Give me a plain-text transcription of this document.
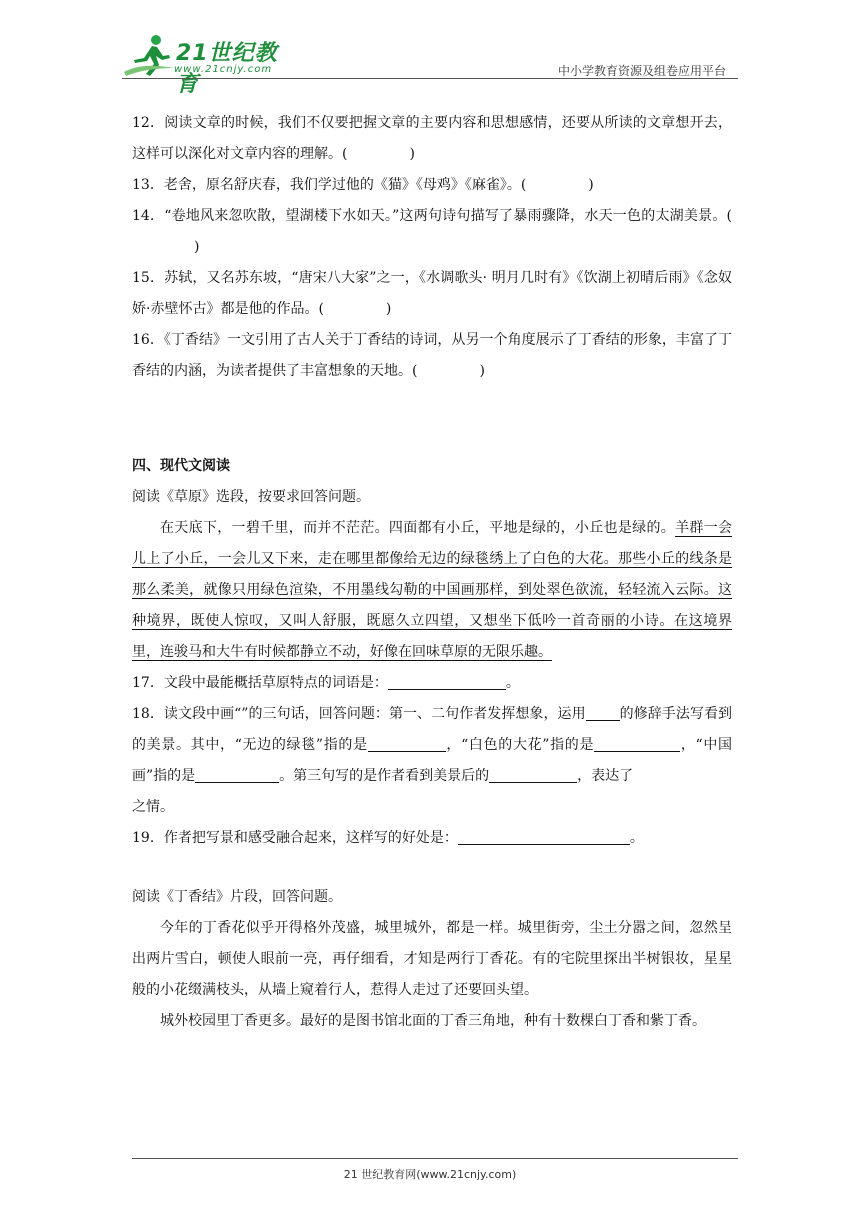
21世纪教育
www.21cnjy.com	中小学教育资源及组卷应用平台

12．阅读文章的时候，我们不仅要把握文章的主要内容和思想感情，还要从所读的文章想开去，这样可以深化对文章内容的理解。(	)

13．老舍，原名舒庆春，我们学过他的《猫》《母鸡》《麻雀》。(	)

14．“卷地风来忽吹散，望湖楼下水如天。”这两句诗句描写了暴雨骤降，水天一色的太湖美景。()

15．苏轼，又名苏东坡，“唐宋八大家”之一，《水调歌头· 明月几时有》《饮湖上初晴后雨》《念奴娇·赤壁怀古》都是他的作品。(	)

16．《丁香结》一文引用了古人关于丁香结的诗词，从另一个角度展示了丁香结的形象，丰富了丁香结的内涵，为读者提供了丰富想象的天地。(	)

四、现代文阅读

阅读《草原》选段，按要求回答问题。

在天底下，一碧千里，而并不茫茫。四面都有小丘，平地是绿的，小丘也是绿的。羊群一会儿上了小丘，一会儿又下来，走在哪里都像给无边的绿毯绣上了白色的大花。那些小丘的线条是那么柔美，就像只用绿色渲染，不用墨线勾勒的中国画那样，到处翠色欲流，轻轻流入云际。这种境界，既使人惊叹，又叫人舒服，既愿久立四望，又想坐下低吟一首奇丽的小诗。在这境界里，连骏马和大牛有时候都静立不动，好像在回味草原的无限乐趣。

17．文段中最能概括草原特点的词语是：	。

18．读文段中画“”的三句话，回答问题：第一、二句作者发挥想象，运用 的修辞手法写看到的美景。其中，“无边的绿毯”指的是	，“白色的大花”指的是	，“中国画”指的是	。第三句写的是作者看到美景后的	，表达了
之情。

19．作者把写景和感受融合起来，这样写的好处是：	。

阅读《丁香结》片段，回答问题。

今年的丁香花似乎开得格外茂盛，城里城外，都是一样。城里街旁，尘土分嚣之间，忽然呈出两片雪白，顿使人眼前一亮，再仔细看，才知是两行丁香花。有的宅院里探出半树银妆，星星般的小花缀满枝头，从墙上窥着行人，惹得人走过了还要回头望。

城外校园里丁香更多。最好的是图书馆北面的丁香三角地，种有十数棵白丁香和紫丁香。

21 世纪教育网(www.21cnjy.com)
